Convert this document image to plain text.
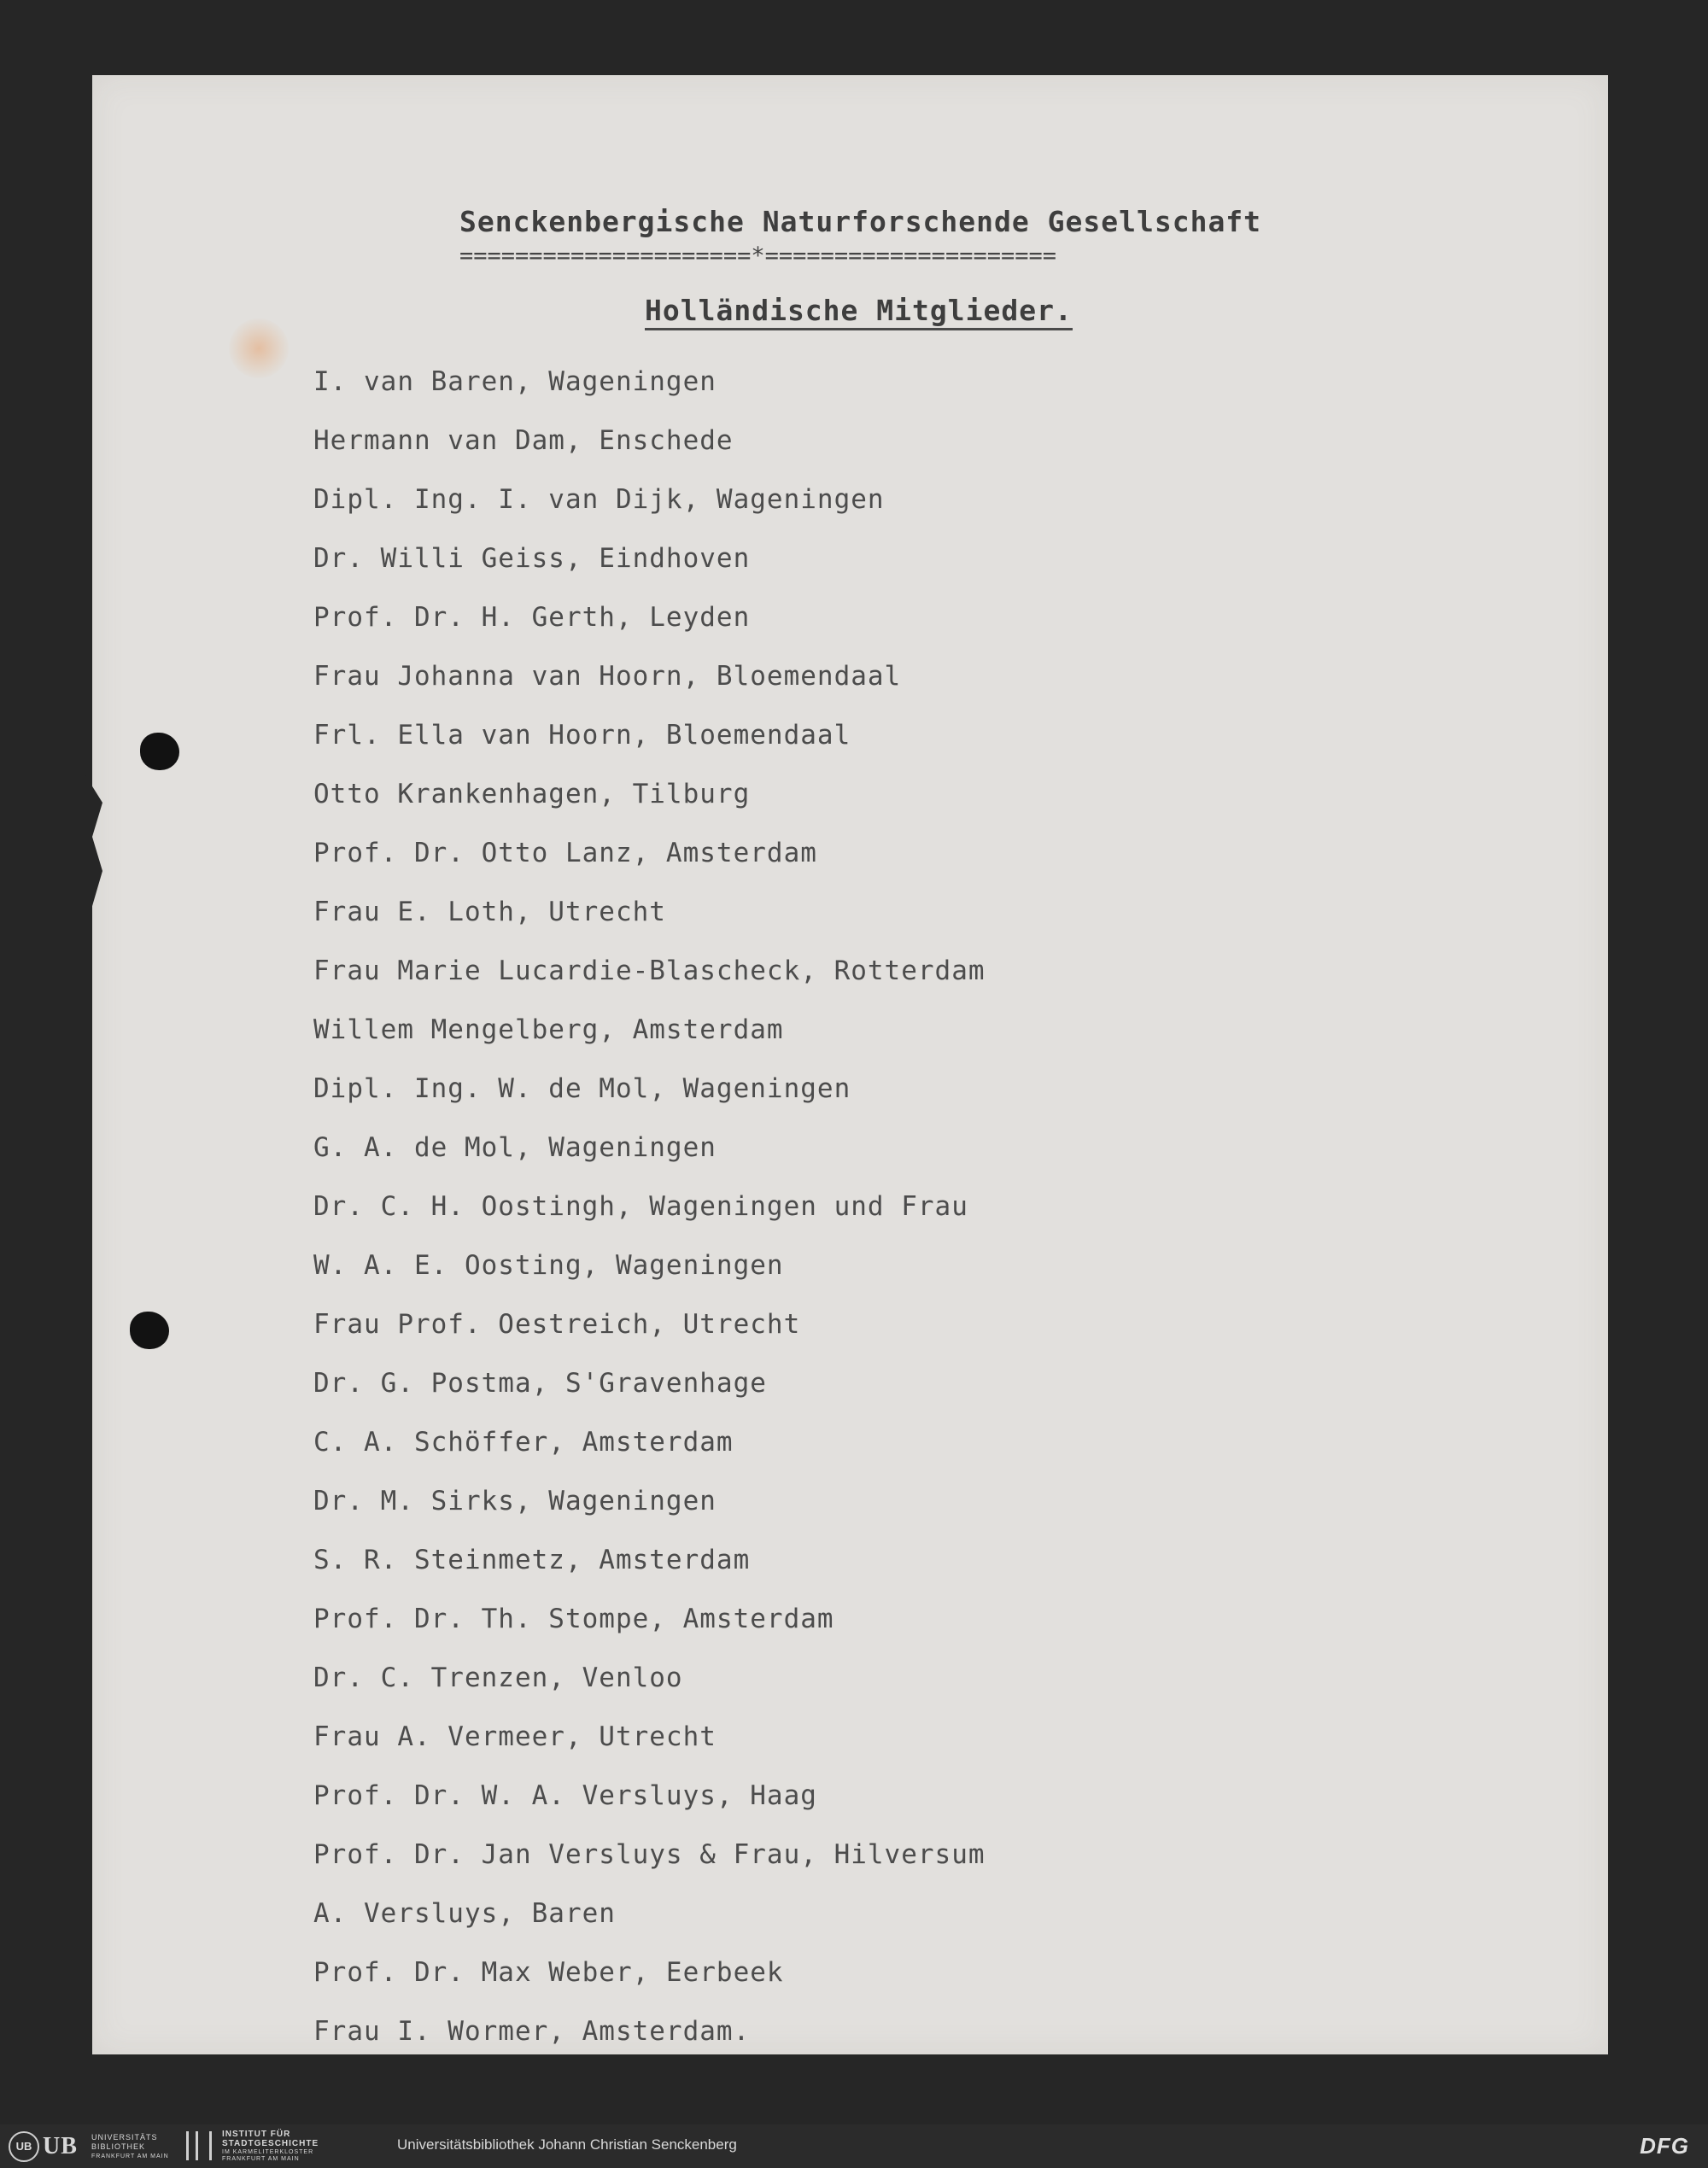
Senckenbergische Naturforschende Gesellschaft
=====================*=====================
Holländische Mitglieder.
I. van Baren, Wageningen
Hermann van Dam, Enschede
Dipl. Ing. I. van Dijk, Wageningen
Dr. Willi Geiss, Eindhoven
Prof. Dr. H. Gerth, Leyden
Frau Johanna van Hoorn, Bloemendaal
Frl. Ella van Hoorn, Bloemendaal
Otto Krankenhagen, Tilburg
Prof. Dr. Otto Lanz, Amsterdam
Frau E. Loth, Utrecht
Frau Marie Lucardie-Blascheck, Rotterdam
Willem Mengelberg, Amsterdam
Dipl. Ing. W. de Mol, Wageningen
G. A. de Mol, Wageningen
Dr. C. H. Oostingh, Wageningen und Frau
W. A. E. Oosting, Wageningen
Frau Prof. Oestreich, Utrecht
Dr. G. Postma, S'Gravenhage
C. A. Schöffer, Amsterdam
Dr. M. Sirks, Wageningen
S. R. Steinmetz, Amsterdam
Prof. Dr. Th. Stompe, Amsterdam
Dr. C. Trenzen, Venloo
Frau A. Vermeer, Utrecht
Prof. Dr. W. A. Versluys, Haag
Prof. Dr. Jan Versluys & Frau, Hilversum
A. Versluys, Baren
Prof. Dr. Max Weber, Eerbeek
Frau I. Wormer, Amsterdam.
UB UB UNIVERSITÄTS
BIBLIOTHEK
FRANKFURT AM MAIN
INSTITUT FÜR
STADTGESCHICHTE
IM KARMELITERKLOSTER
FRANKFURT AM MAIN
Universitätsbibliothek Johann Christian Senckenberg	DFG
